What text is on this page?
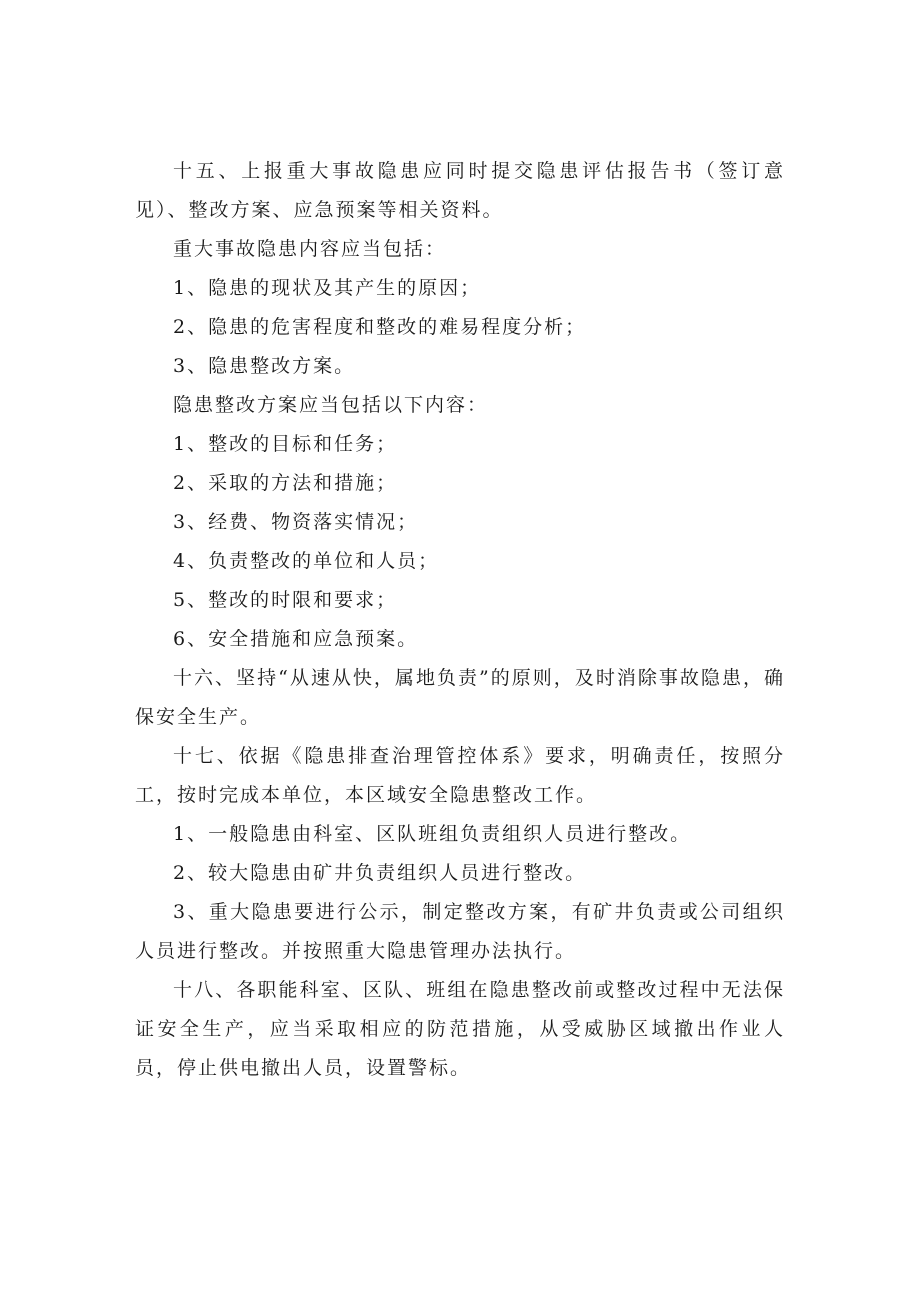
十五、上报重大事故隐患应同时提交隐患评估报告书（签订意见）、整改方案、应急预案等相关资料。

重大事故隐患内容应当包括：

1、隐患的现状及其产生的原因；

2、隐患的危害程度和整改的难易程度分析；

3、隐患整改方案。

隐患整改方案应当包括以下内容：

1、整改的目标和任务；

2、采取的方法和措施；

3、经费、物资落实情况；

4、负责整改的单位和人员；

5、整改的时限和要求；

6、安全措施和应急预案。

十六、坚持“从速从快，属地负责”的原则，及时消除事故隐患，确保安全生产。

十七、依据《隐患排查治理管控体系》要求，明确责任，按照分工，按时完成本单位，本区域安全隐患整改工作。

1、一般隐患由科室、区队班组负责组织人员进行整改。

2、较大隐患由矿井负责组织人员进行整改。

3、重大隐患要进行公示，制定整改方案，有矿井负责或公司组织人员进行整改。并按照重大隐患管理办法执行。

十八、各职能科室、区队、班组在隐患整改前或整改过程中无法保证安全生产，应当采取相应的防范措施，从受威胁区域撤出作业人员，停止供电撤出人员，设置警标。
